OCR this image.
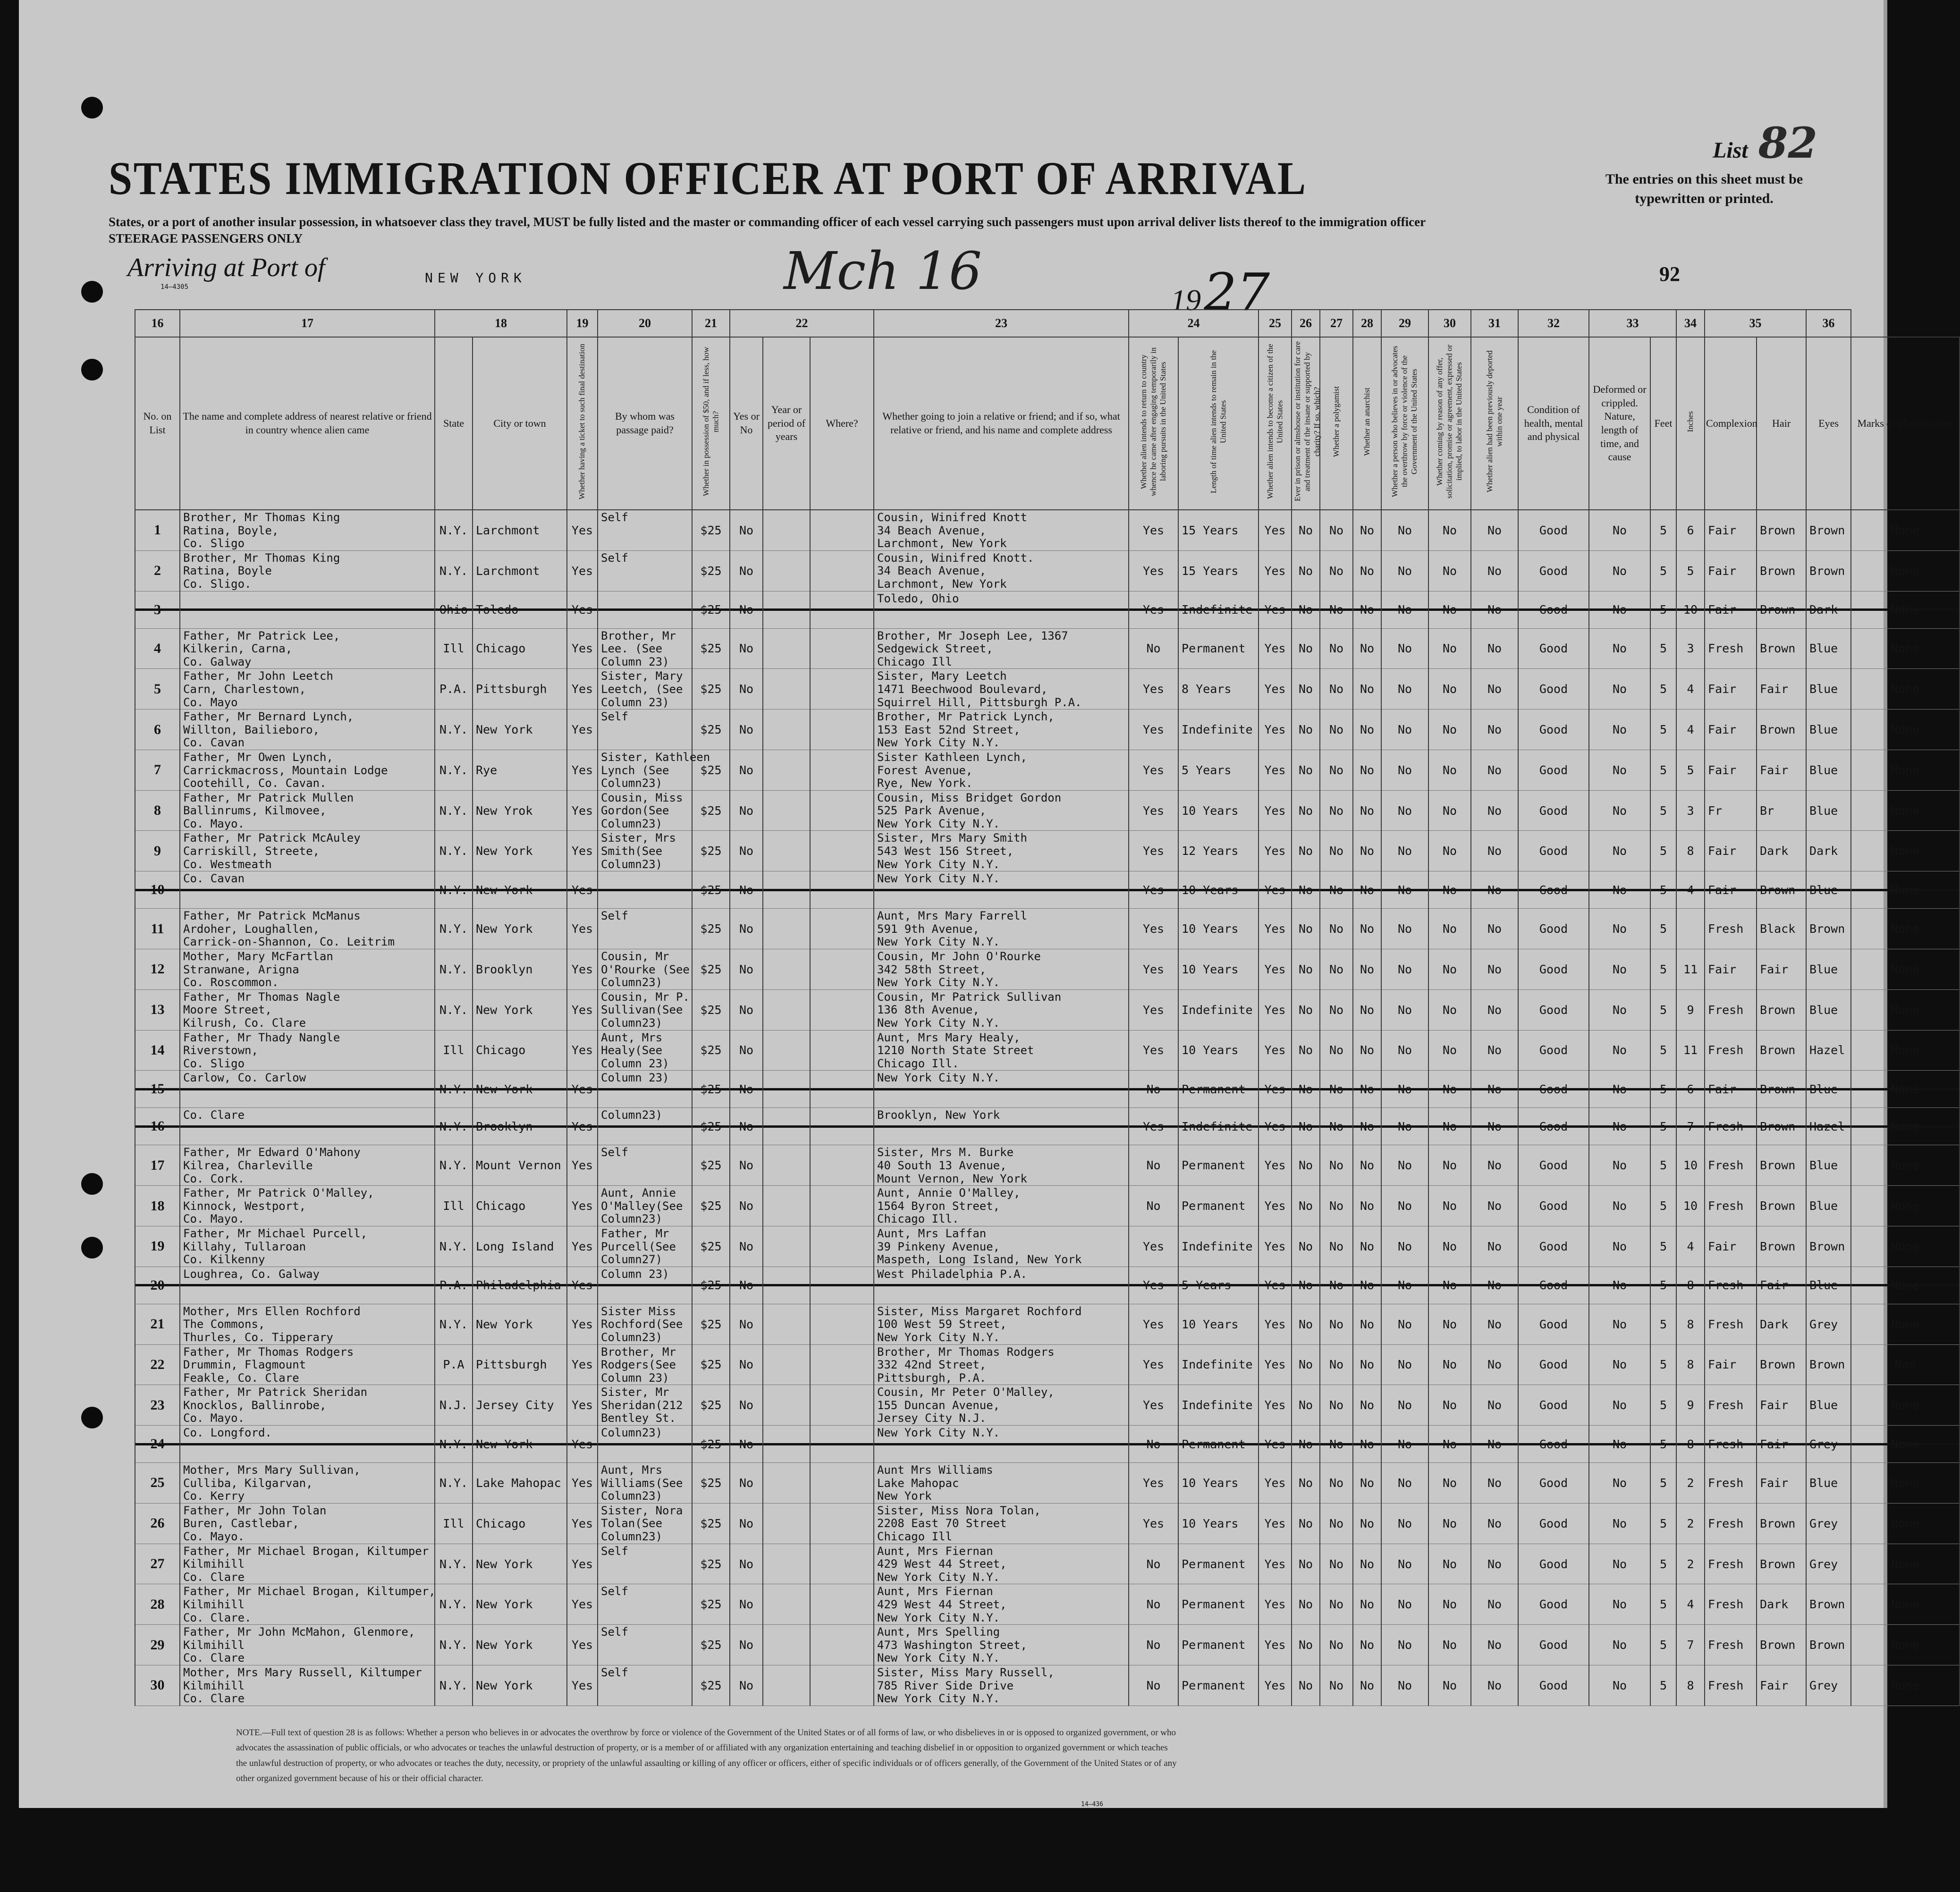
List 82
STATES IMMIGRATION OFFICER AT PORT OF ARRIVAL	The entries on this sheet must be typewritten or printed.
States, or a port of another insular possession, in whatsoever class they travel, MUST be fully listed and the master or commanding officer of each vessel carrying such passengers must upon arrival deliver lists thereof to the immigration officer
STEERAGE PASSENGERS ONLY
Arriving at Port of	NEW YORK	Mch 16	1927	92
14—4305
16	17	18		19	20	21	22			23	24		25	26	27	28	29	30	31	32	33		34	35		36	
No. on List	The name and complete address of nearest relative or friend in country whence alien came	State	City or town	Whether having a ticket to such final destination	By whom was passage paid?	Whether in possession of $50, and if less, how much?	Yes or No	Year or period of years	Where?	Whether going to join a relative or friend; and if so, what relative or friend, and his name and complete address	Whether alien intends to return to country whence he came after engaging temporarily in laboring pursuits in the United States	Length of time alien intends to remain in the United States	Whether alien intends to become a citizen of the United States	Ever in prison or almshouse or institution for care and treatment of the insane or supported by charity? If so, which?	Whether a polygamist	Whether an anarchist	Whether a person who believes in or advocates the overthrow by force or violence of the Government of the United States	Whether coming by reason of any offer, solicitation, promise or agreement, expressed or implied, to labor in the United States	Whether alien had been previously deported within one year	Condition of health, mental and physical	Deformed or crippled. Nature, length of time, and cause	Feet	Inches	Complexion	Hair	Eyes	Marks of identification
1	Brother, Mr Thomas King
Ratina, Boyle,
Co. Sligo	N.Y.	Larchmont	Yes	Self	$25	No			Cousin, Winifred Knott
34 Beach Avenue,
Larchmont, New York	Yes	15 Years	Yes	No	No	No	No	No	No	Good	No	5	6	Fair	Brown	Brown	None
2	Brother, Mr Thomas King
Ratina, Boyle
Co. Sligo.	N.Y.	Larchmont	Yes	Self	$25	No			Cousin, Winifred Knott.
34 Beach Avenue,
Larchmont, New York	Yes	15 Years	Yes	No	No	No	No	No	No	Good	No	5	5	Fair	Brown	Brown	None
3		Ohio	Toledo	Yes		$25	No			Toledo, Ohio	Yes	Indefinite	Yes	No	No	No	No	No	No	Good	No	5	10	Fair	Brown	Dark	None
4	Father, Mr Patrick Lee,
Kilkerin, Carna,
Co. Galway	Ill	Chicago	Yes	Brother, Mr
Lee. (See
Column 23)	$25	No			Brother, Mr Joseph Lee, 1367
Sedgewick Street,
Chicago Ill	No	Permanent	Yes	No	No	No	No	No	No	Good	No	5	3	Fresh	Brown	Blue	None
5	Father, Mr John Leetch
Carn, Charlestown,
Co. Mayo	P.A.	Pittsburgh	Yes	Sister, Mary
Leetch, (See
Column 23)	$25	No			Sister, Mary Leetch
1471 Beechwood Boulevard,
Squirrel Hill, Pittsburgh P.A.	Yes	8 Years	Yes	No	No	No	No	No	No	Good	No	5	4	Fair	Fair	Blue	None
6	Father, Mr Bernard Lynch,
Willton, Bailieboro,
Co. Cavan	N.Y.	New York	Yes	Self	$25	No			Brother, Mr Patrick Lynch,
153 East 52nd Street,
New York City N.Y.	Yes	Indefinite	Yes	No	No	No	No	No	No	Good	No	5	4	Fair	Brown	Blue	None
7	Father, Mr Owen Lynch,
Carrickmacross, Mountain Lodge
Cootehill, Co. Cavan.	N.Y.	Rye	Yes	Sister, Kathleen
Lynch (See
Column23)	$25	No			Sister Kathleen Lynch,
Forest Avenue,
Rye, New York.	Yes	5 Years	Yes	No	No	No	No	No	No	Good	No	5	5	Fair	Fair	Blue	None
8	Father, Mr Patrick Mullen
Ballinrums, Kilmovee,
Co. Mayo.	N.Y.	New Yrok	Yes	Cousin, Miss
Gordon(See
Column23)	$25	No			Cousin, Miss Bridget Gordon
525 Park Avenue,
New York City N.Y.	Yes	10 Years	Yes	No	No	No	No	No	No	Good	No	5	3	Fr	Br	Blue	None
9	Father, Mr Patrick McAuley
Carriskill, Streete,
Co. Westmeath	N.Y.	New York	Yes	Sister, Mrs
Smith(See
Column23)	$25	No			Sister, Mrs Mary Smith
543 West 156 Street,
New York City N.Y.	Yes	12 Years	Yes	No	No	No	No	No	No	Good	No	5	8	Fair	Dark	Dark	None
10	Co. Cavan	N.Y.	New York	Yes		$25	No			New York City N.Y.	Yes	10 Years	Yes	No	No	No	No	No	No	Good	No	5	4	Fair	Brown	Blue	None
11	Father, Mr Patrick McManus
Ardoher, Loughallen,
Carrick-on-Shannon, Co. Leitrim	N.Y.	New York	Yes	Self	$25	No			Aunt, Mrs Mary Farrell
591 9th Avenue,
New York City N.Y.	Yes	10 Years	Yes	No	No	No	No	No	No	Good	No	5		Fresh	Black	Brown	None
12	Mother, Mary McFartlan
Stranwane, Arigna
Co. Roscommon.	N.Y.	Brooklyn	Yes	Cousin, Mr
O'Rourke (See
Column23)	$25	No			Cousin, Mr John O'Rourke
342 58th Street,
New York City N.Y.	Yes	10 Years	Yes	No	No	No	No	No	No	Good	No	5	11	Fair	Fair	Blue	None
13	Father, Mr Thomas Nagle
Moore Street,
Kilrush, Co. Clare	N.Y.	New York	Yes	Cousin, Mr P.
Sullivan(See
Column23)	$25	No			Cousin, Mr Patrick Sullivan
136 8th Avenue,
New York City N.Y.	Yes	Indefinite	Yes	No	No	No	No	No	No	Good	No	5	9	Fresh	Brown	Blue	None
14	Father, Mr Thady Nangle
Riverstown,
Co. Sligo	Ill	Chicago	Yes	Aunt, Mrs
Healy(See
Column 23)	$25	No			Aunt, Mrs Mary Healy,
1210 North State Street
Chicago Ill.	Yes	10 Years	Yes	No	No	No	No	No	No	Good	No	5	11	Fresh	Brown	Hazel	None
15	Carlow, Co. Carlow	N.Y.	New York	Yes	Column 23)	$25	No			New York City N.Y.	No	Permanent	Yes	No	No	No	No	No	No	Good	No	5	6	Fair	Brown	Blue	None
16	Co. Clare	N.Y.	Brooklyn	Yes	Column23)	$25	No			Brooklyn, New York	Yes	Indefinite	Yes	No	No	No	No	No	No	Good	No	5	7	Fresh	Brown	Hazel	None
17	Father, Mr Edward O'Mahony
Kilrea, Charleville
Co. Cork.	N.Y.	Mount Vernon	Yes	Self	$25	No			Sister, Mrs M. Burke
40 South 13 Avenue,
Mount Vernon, New York	No	Permanent	Yes	No	No	No	No	No	No	Good	No	5	10	Fresh	Brown	Blue	None
18	Father, Mr Patrick O'Malley,
Kinnock, Westport,
Co. Mayo.	Ill	Chicago	Yes	Aunt, Annie
O'Malley(See
Column23)	$25	No			Aunt, Annie O'Malley,
1564 Byron Street,
Chicago Ill.	No	Permanent	Yes	No	No	No	No	No	No	Good	No	5	10	Fresh	Brown	Blue	None
19	Father, Mr Michael Purcell,
Killahy, Tullaroan
Co. Kilkenny	N.Y.	Long Island	Yes	Father, Mr
Purcell(See
Column27)	$25	No			Aunt, Mrs Laffan
39 Pinkeny Avenue,
Maspeth, Long Island, New York	Yes	Indefinite	Yes	No	No	No	No	No	No	Good	No	5	4	Fair	Brown	Brown	None
20	Loughrea, Co. Galway	P.A.	Philadelphia	Yes	Column 23)	$25	No			West Philadelphia P.A.	Yes	5 Years	Yes	No	No	No	No	No	No	Good	No	5	8	Fresh	Fair	Blue	None
21	Mother, Mrs Ellen Rochford
The Commons,
Thurles, Co. Tipperary	N.Y.	New York	Yes	Sister Miss
Rochford(See
Column23)	$25	No			Sister, Miss Margaret Rochford
100 West 59 Street,
New York City N.Y.	Yes	10 Years	Yes	No	No	No	No	No	No	Good	No	5	8	Fresh	Dark	Grey	None
22	Father, Mr Thomas Rodgers
Drummin, Flagmount
Feakle, Co. Clare	P.A	Pittsburgh	Yes	Brother, Mr
Rodgers(See
Column 23)	$25	No			Brother, Mr Thomas Rodgers
332 42nd Street,
Pittsburgh, P.A.	Yes	Indefinite	Yes	No	No	No	No	No	No	Good	No	5	8	Fair	Brown	Brown	Non
23	Father, Mr Patrick Sheridan
Knocklos, Ballinrobe,
Co. Mayo.	N.J.	Jersey City	Yes	Sister, Mr
Sheridan(212
Bentley St.	$25	No			Cousin, Mr Peter O'Malley,
155 Duncan Avenue,
Jersey City N.J.	Yes	Indefinite	Yes	No	No	No	No	No	No	Good	No	5	9	Fresh	Fair	Blue	None
24	Co. Longford.	N.Y.	New York	Yes	Column23)	$25	No			New York City N.Y.	No	Permanent	Yes	No	No	No	No	No	No	Good	No	5	8	Fresh	Fair	Grey	None
25	Mother, Mrs Mary Sullivan,
Culliba, Kilgarvan,
Co. Kerry	N.Y.	Lake Mahopac	Yes	Aunt, Mrs
Williams(See
Column23)	$25	No			Aunt Mrs Williams
Lake Mahopac
New York	Yes	10 Years	Yes	No	No	No	No	No	No	Good	No	5	2	Fresh	Fair	Blue	None
26	Father, Mr John Tolan
Buren, Castlebar,
Co. Mayo.	Ill	Chicago	Yes	Sister, Nora
Tolan(See
Column23)	$25	No			Sister, Miss Nora Tolan,
2208 East 70 Street
Chicago Ill	Yes	10 Years	Yes	No	No	No	No	No	No	Good	No	5	2	Fresh	Brown	Grey	None
27	Father, Mr Michael Brogan, Kiltumper
Kilmihill
Co. Clare	N.Y.	New York	Yes	Self	$25	No			Aunt, Mrs Fiernan
429 West 44 Street,
New York City N.Y.	No	Permanent	Yes	No	No	No	No	No	No	Good	No	5	2	Fresh	Brown	Grey	None
28	Father, Mr Michael Brogan, Kiltumper,
Kilmihill
Co. Clare.	N.Y.	New York	Yes	Self	$25	No			Aunt, Mrs Fiernan
429 West 44 Street,
New York City N.Y.	No	Permanent	Yes	No	No	No	No	No	No	Good	No	5	4	Fresh	Dark	Brown	None
29	Father, Mr John McMahon, Glenmore,
Kilmihill
Co. Clare	N.Y.	New York	Yes	Self	$25	No			Aunt, Mrs Spelling
473 Washington Street,
New York City N.Y.	No	Permanent	Yes	No	No	No	No	No	No	Good	No	5	7	Fresh	Brown	Brown	None
30	Mother, Mrs Mary Russell, Kiltumper
Kilmihill
Co. Clare	N.Y.	New York	Yes	Self	$25	No			Sister, Miss Mary Russell,
785 River Side Drive
New York City N.Y.	No	Permanent	Yes	No	No	No	No	No	No	Good	No	5	8	Fresh	Fair	Grey	None
NOTE.—Full text of question 28 is as follows: Whether a person who believes in or advocates the overthrow by force or violence of the Government of the United States or of all forms of law, or who disbelieves in or is opposed to organized government, or who advocates the assassination of public officials, or who advocates or teaches the unlawful destruction of property, or is a member of or affiliated with any organization entertaining and teaching disbelief in or opposition to organized government or which teaches the unlawful destruction of property, or who advocates or teaches the duty, necessity, or propriety of the unlawful assaulting or killing of any officer or officers, either of specific individuals or of officers generally, of the Government of the United States or of any other organized government because of his or their official character.
14—436
